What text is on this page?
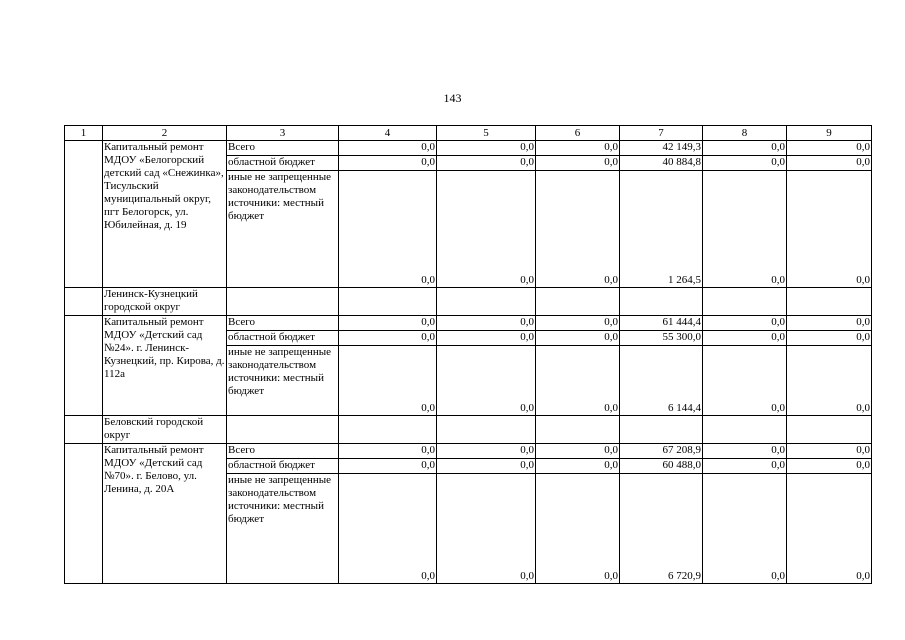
143
1	2	3	4	5	6	7	8	9
	Капитальный ремонт МДОУ «Белогорский детский сад «Снежинка», Тисульский муниципальный округ, пгт Белогорск, ул. Юбилейная, д. 19	Всего	0,0	0,0	0,0	42 149,3	0,0	0,0
		областной бюджет	0,0	0,0	0,0	40 884,8	0,0	0,0
		иные не запрещенные законодательством источники: местный бюджет	0,0	0,0	0,0	1 264,5	0,0	0,0
	Ленинск-Кузнецкий городской округ							
	Капитальный ремонт МДОУ «Детский сад №24». г. Ленинск-Кузнецкий, пр. Кирова, д. 112а	Всего	0,0	0,0	0,0	61 444,4	0,0	0,0
		областной бюджет	0,0	0,0	0,0	55 300,0	0,0	0,0
		иные не запрещенные законодательством источники: местный бюджет	0,0	0,0	0,0	6 144,4	0,0	0,0
	Беловский городской округ							
	Капитальный ремонт МДОУ «Детский сад №70». г. Белово, ул. Ленина, д. 20А	Всего	0,0	0,0	0,0	67 208,9	0,0	0,0
		областной бюджет	0,0	0,0	0,0	60 488,0	0,0	0,0
		иные не запрещенные законодательством источники: местный бюджет	0,0	0,0	0,0	6 720,9	0,0	0,0
